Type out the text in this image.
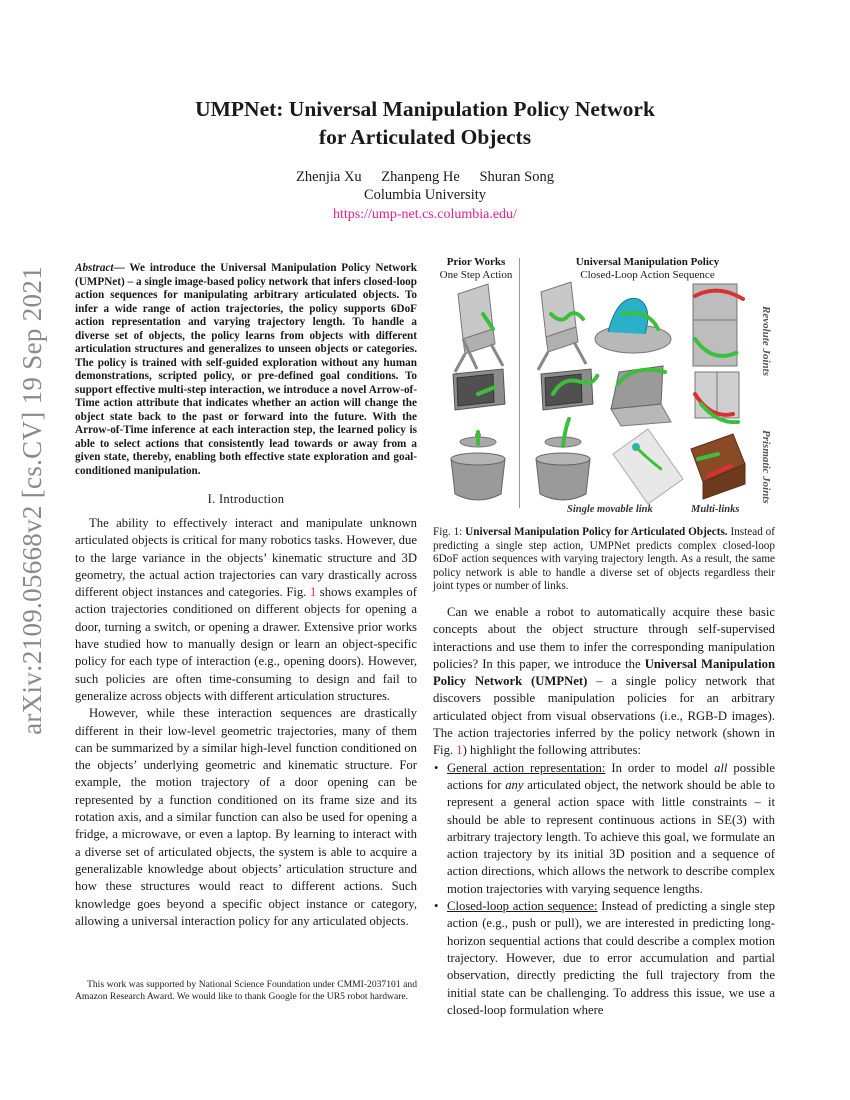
arXiv:2109.05668v2 [cs.CV] 19 Sep 2021
UMPNet: Universal Manipulation Policy Network
for Articulated Objects
Zhenjia Xu Zhanpeng He Shuran Song
Columbia University
https://ump-net.cs.columbia.edu/
Abstract— We introduce the Universal Manipulation Policy Network (UMPNet) – a single image-based policy network that infers closed-loop action sequences for manipulating arbitrary articulated objects. To infer a wide range of action trajectories, the policy supports 6DoF action representation and varying trajectory length. To handle a diverse set of objects, the policy learns from objects with different articulation structures and generalizes to unseen objects or categories. The policy is trained with self-guided exploration without any human demonstrations, scripted policy, or pre-defined goal conditions. To support effective multi-step interaction, we introduce a novel Arrow-of-Time action attribute that indicates whether an action will change the object state back to the past or forward into the future. With the Arrow-of-Time inference at each interaction step, the learned policy is able to select actions that consistently lead towards or away from a given state, thereby, enabling both effective state exploration and goal-conditioned manipulation.
I. Introduction

The ability to effectively interact and manipulate unknown articulated objects is critical for many robotics tasks. However, due to the large variance in the objects’ kinematic structure and 3D geometry, the actual action trajectories can vary drastically across different object instances and categories. Fig. 1 shows examples of action trajectories conditioned on different objects for opening a door, turning a switch, or opening a drawer. Extensive prior works have studied how to manually design or learn an object-specific policy for each type of interaction (e.g., opening doors). However, such policies are often time-consuming to design and fail to generalize across objects with different articulation structures.

However, while these interaction sequences are drastically different in their low-level geometric trajectories, many of them can be summarized by a similar high-level function conditioned on the objects’ underlying geometric and kinematic structure. For example, the motion trajectory of a door opening can be represented by a function conditioned on its frame size and its rotation axis, and a similar function can also be used for opening a fridge, a microwave, or even a laptop. By learning to interact with a diverse set of articulated objects, the system is able to acquire a generalizable knowledge about objects’ articulation structure and how these structures would react to different actions. Such knowledge goes beyond a specific object instance or category, allowing a universal interaction policy for any articulated objects.

This work was supported by National Science Foundation under CMMI-2037101 and Amazon Research Award. We would like to thank Google for the UR5 robot hardware.

Prior Works
One Step Action
Universal Manipulation Policy
Closed-Loop Action Sequence
Revolute Joints
Prismatic Joints
Single movable link	Multi-links
Fig. 1: Universal Manipulation Policy for Articulated Objects. Instead of predicting a single step action, UMPNet predicts complex closed-loop 6DoF action sequences with varying trajectory length. As a result, the same policy network is able to handle a diverse set of objects regardless their joint types or number of links.

Can we enable a robot to automatically acquire these basic concepts about the object structure through self-supervised interactions and use them to infer the corresponding manipulation policies? In this paper, we introduce the Universal Manipulation Policy Network (UMPNet) – a single policy network that discovers possible manipulation policies for an arbitrary articulated object from visual observations (i.e., RGB-D images). The action trajectories inferred by the policy network (shown in Fig. 1) highlight the following attributes:

• General action representation: In order to model all possible actions for any articulated object, the network should be able to represent a general action space with little constraints – it should be able to represent continuous actions in SE(3) with arbitrary trajectory length. To achieve this goal, we formulate an action trajectory by its initial 3D position and a sequence of action directions, which allows the network to describe complex motion trajectories with varying sequence lengths.
• Closed-loop action sequence: Instead of predicting a single step action (e.g., push or pull), we are interested in predicting long-horizon sequential actions that could describe a complex motion trajectory. However, due to error accumulation and partial observation, directly predicting the full trajectory from the initial state can be challenging. To address this issue, we use a closed-loop formulation where
